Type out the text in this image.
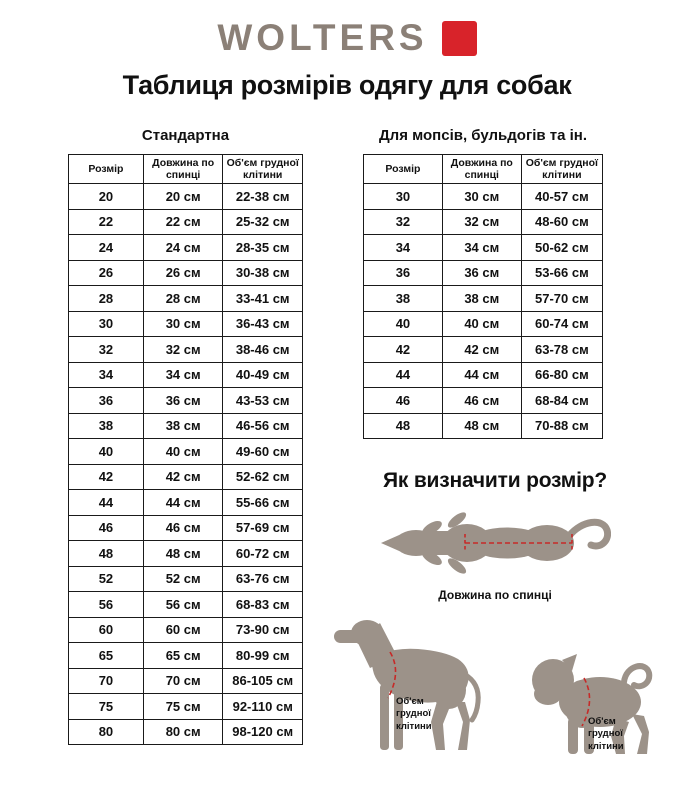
WOLTERS
Таблиця розмірів одягу для собак
Стандартна
Розмір	Довжина по спинці	Об'єм грудної клітини
20	20 см	22-38 см
22	22 см	25-32 см
24	24 см	28-35 см
26	26 см	30-38 см
28	28 см	33-41 см
30	30 см	36-43 см
32	32 см	38-46 см
34	34 см	40-49 см
36	36 см	43-53 см
38	38 см	46-56 см
40	40 см	49-60 см
42	42 см	52-62 см
44	44 см	55-66 см
46	46 см	57-69 см
48	48 см	60-72 см
52	52 см	63-76 см
56	56 см	68-83 см
60	60 см	73-90 см
65	65 см	80-99 см
70	70 см	86-105 см
75	75 см	92-110 см
80	80 см	98-120 см
Для мопсів, бульдогів та ін.
Розмір	Довжина по спинці	Об'єм грудної клітини
30	30 см	40-57 см
32	32 см	48-60 см
34	34 см	50-62 см
36	36 см	53-66 см
38	38 см	57-70 см
40	40 см	60-74 см
42	42 см	63-78 см
44	44 см	66-80 см
46	46 см	68-84 см
48	48 см	70-88 см
Як визначити розмір?
Довжина по спинці
Об'єм грудної клітини	Об'єм грудної клітини
